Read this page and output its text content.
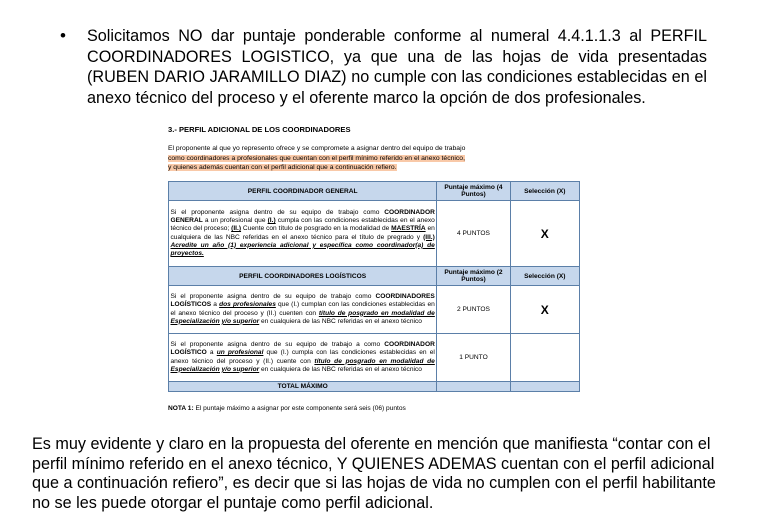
• Solicitamos NO dar puntaje ponderable conforme al numeral 4.4.1.1.3 al PERFIL COORDINADORES LOGISTICO, ya que una de las hojas de vida presentadas (RUBEN DARIO JARAMILLO DIAZ) no cumple con las condiciones establecidas en el anexo técnico del proceso y el oferente marco la opción de dos profesionales.

3.- PERFIL ADICIONAL DE LOS COORDINADORES

El proponente al que yo represento ofrece y se compromete a asignar dentro del equipo de trabajo
como coordinadores a profesionales que cuentan con el perfil mínimo referido en el anexo técnico,
y quienes además cuentan con el perfil adicional que a continuación refiero.
PERFIL COORDINADOR GENERAL	Puntaje máximo (4 Puntos)	Selección (X)
Si el proponente asigna dentro de su equipo de trabajo como COORDINADOR GENERAL a un profesional que (I.) cumpla con las condiciones establecidas en el anexo técnico del proceso; (II.) Cuente con título de posgrado en la modalidad de MAESTRÍA en cualquiera de las NBC referidas en el anexo técnico para el título de pregrado y (III.) Acredite un año (1) experiencia adicional y específica como coordinador(a) de proyectos.	4 PUNTOS	X
PERFIL COORDINADORES LOGÍSTICOS	Puntaje máximo (2 Puntos)	Selección (X)
Si el proponente asigna dentro de su equipo de trabajo como COORDINADORES LOGÍSTICOS a dos profesionales que (I.) cumplan con las condiciones establecidas en el anexo técnico del proceso y (II.) cuenten con título de posgrado en modalidad de Especialización y/o superior en cualquiera de las NBC referidas en el anexo técnico	2 PUNTOS	X
Si el proponente asigna dentro de su equipo de trabajo a como COORDINADOR LOGÍSTICO a un profesional que (I.) cumpla con las condiciones establecidas en el anexo técnico del proceso y (II.) cuente con título de posgrado en modalidad de Especialización y/o superior en cualquiera de las NBC referidas en el anexo técnico	1 PUNTO	
TOTAL MÁXIMO		
NOTA 1: El puntaje máximo a asignar por este componente será seis (06) puntos
Es muy evidente y claro en la propuesta del oferente en mención que manifiesta “contar con el perfil mínimo referido en el anexo técnico, Y QUIENES ADEMAS cuentan con el perfil adicional que a continuación refiero”, es decir que si las hojas de vida no cumplen con el perfil habilitante no se les puede otorgar el puntaje como perfil adicional.
